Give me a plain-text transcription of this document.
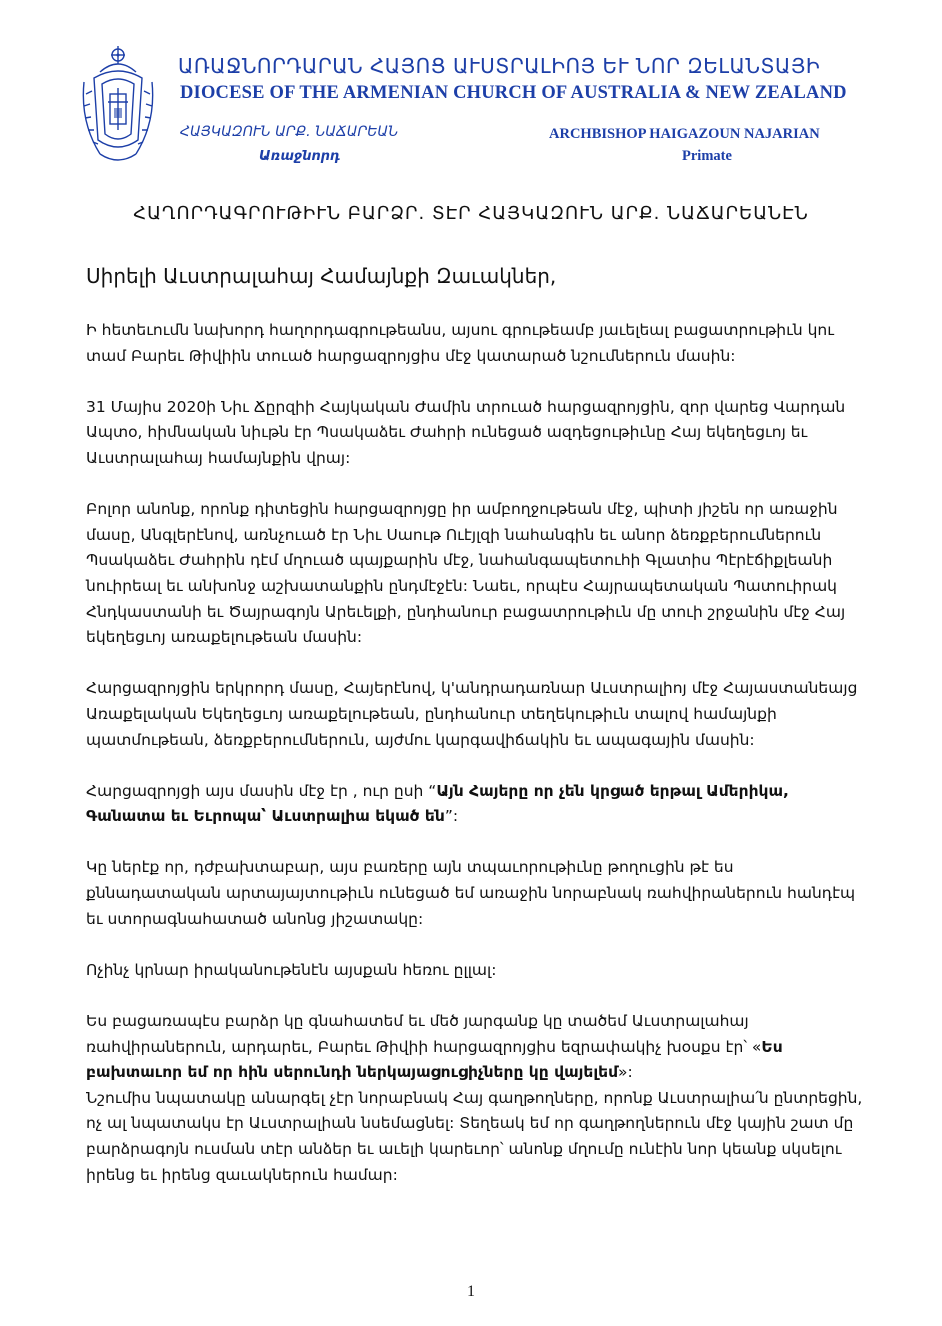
ԱՌԱՋՆՈՐԴԱՐԱՆ ՀԱՅՈՑ ԱՒՍՏՐԱԼԻՈՅ ԵՒ ՆՈՐ ԶԵԼԱՆՏԱՅԻ
DIOCESE OF THE ARMENIAN CHURCH OF AUSTRALIA & NEW ZEALAND
ՀԱՅԿԱԶՈՒՆ ԱՐՔ. ՆԱՃԱՐԵԱՆ
Առաջնորդ
ARCHBISHOP HAIGAZOUN NAJARIAN
Primate
ՀԱՂՈՐԴԱԳՐՈՒԹԻՒՆ ԲԱՐՁՐ. ՏԷՐ ՀԱՅԿԱԶՈՒՆ ԱՐՔ. ՆԱՃԱՐԵԱՆԷՆ
Սիրելի Աւստրալահայ Համայնքի Զաւակներ,

Ի հետեւումն նախորդ հաղորդագրութեանս, այսու գրութեամբ յաւելեալ բացատրութիւն կու տամ Բարեւ Թիվիին տուած հարցազրոյցիս մէջ կատարած նշումներուն մասին:

31 Մայիս 2020ի Նիւ Ճըրզիի Հայկական Ժամին տրուած հարցազրոյցին, զոր վարեց Վարդան Ապտօ, հիմնական նիւթն էր Պսակաձեւ Ժահրի ունեցած ազդեցութիւնը Հայ եկեղեցւոյ եւ Աւստրալահայ համայնքին վրայ:

Բոլոր անոնք, որոնք դիտեցին հարցազրոյցը իր ամբողջութեան մէջ, պիտի յիշեն որ առաջին մասը, Անգլերէնով, առնչուած էր Նիւ Սաութ Ուէյլզի նահանգին եւ անոր ձեռքբերումներուն Պսակաձեւ Ժահրին դէմ մղուած պայքարին մէջ, նահանգապետուհի Գլատիս Պէրէճիքլեանի նուիրեալ եւ անխոնջ աշխատանքին ընդմէջէն: Նաեւ, որպէս Հայրապետական Պատուիրակ Հնդկաստանի եւ Ծայրագոյն Արեւելքի, ընդհանուր բացատրութիւն մը տուի շրջանին մէջ Հայ եկեղեցւոյ առաքելութեան մասին:

Հարցազրոյցին երկրորդ մասը, Հայերէնով, կ'անդրադառնար Աւստրալիոյ մէջ Հայաստանեայց Առաքելական Եկեղեցւոյ առաքելութեան, ընդհանուր տեղեկութիւն տալով համայնքի պատմութեան, ձեռքբերումներուն, այժմու կարգավիճակին եւ ապագային մասին:

Հարցազրոյցի այս մասին մէջ էր , ուր ըսի “Այն Հայերը որ չեն կրցած երթալ Ամերիկա, Գանատա եւ Եւրոպա՝ Աւստրալիա եկած են”:

Կը ներէք որ, դժբախտաբար, այս բառերը այն տպաւորութիւնը թողուցին թէ ես քննադատական արտայայտութիւն ունեցած եմ առաջին նորաբնակ ռահվիրաներուն հանդէպ եւ ստորագնահատած անոնց յիշատակը:

Ոչինչ կրնար իրականութենէն այսքան հեռու ըլլալ:

Ես բացառապէս բարձր կը գնահատեմ եւ մեծ յարգանք կը տածեմ Աւստրալահայ ռահվիրաներուն, արդարեւ, Բարեւ Թիվիի հարցազրոյցիս եզրափակիչ խօսքս էր՝ «Ես բախտաւոր եմ որ հին սերունդի ներկայացուցիչները կը վայելեմ»:

Նշումիս նպատակը անարգել չէր նորաբնակ Հայ գաղթողները, որոնք Աւստրալիա՛ն ընտրեցին, ոչ ալ նպատակս էր Աւստրալիան նսեմացնել: Տեղեակ եմ որ գաղթողներուն մէջ կային շատ մը բարձրագոյն ուսման տէր անձեր եւ աւելի կարեւոր՝ անոնք մղումը ունէին նոր կեանք սկսելու իրենց եւ իրենց զաւակներուն համար:

1
